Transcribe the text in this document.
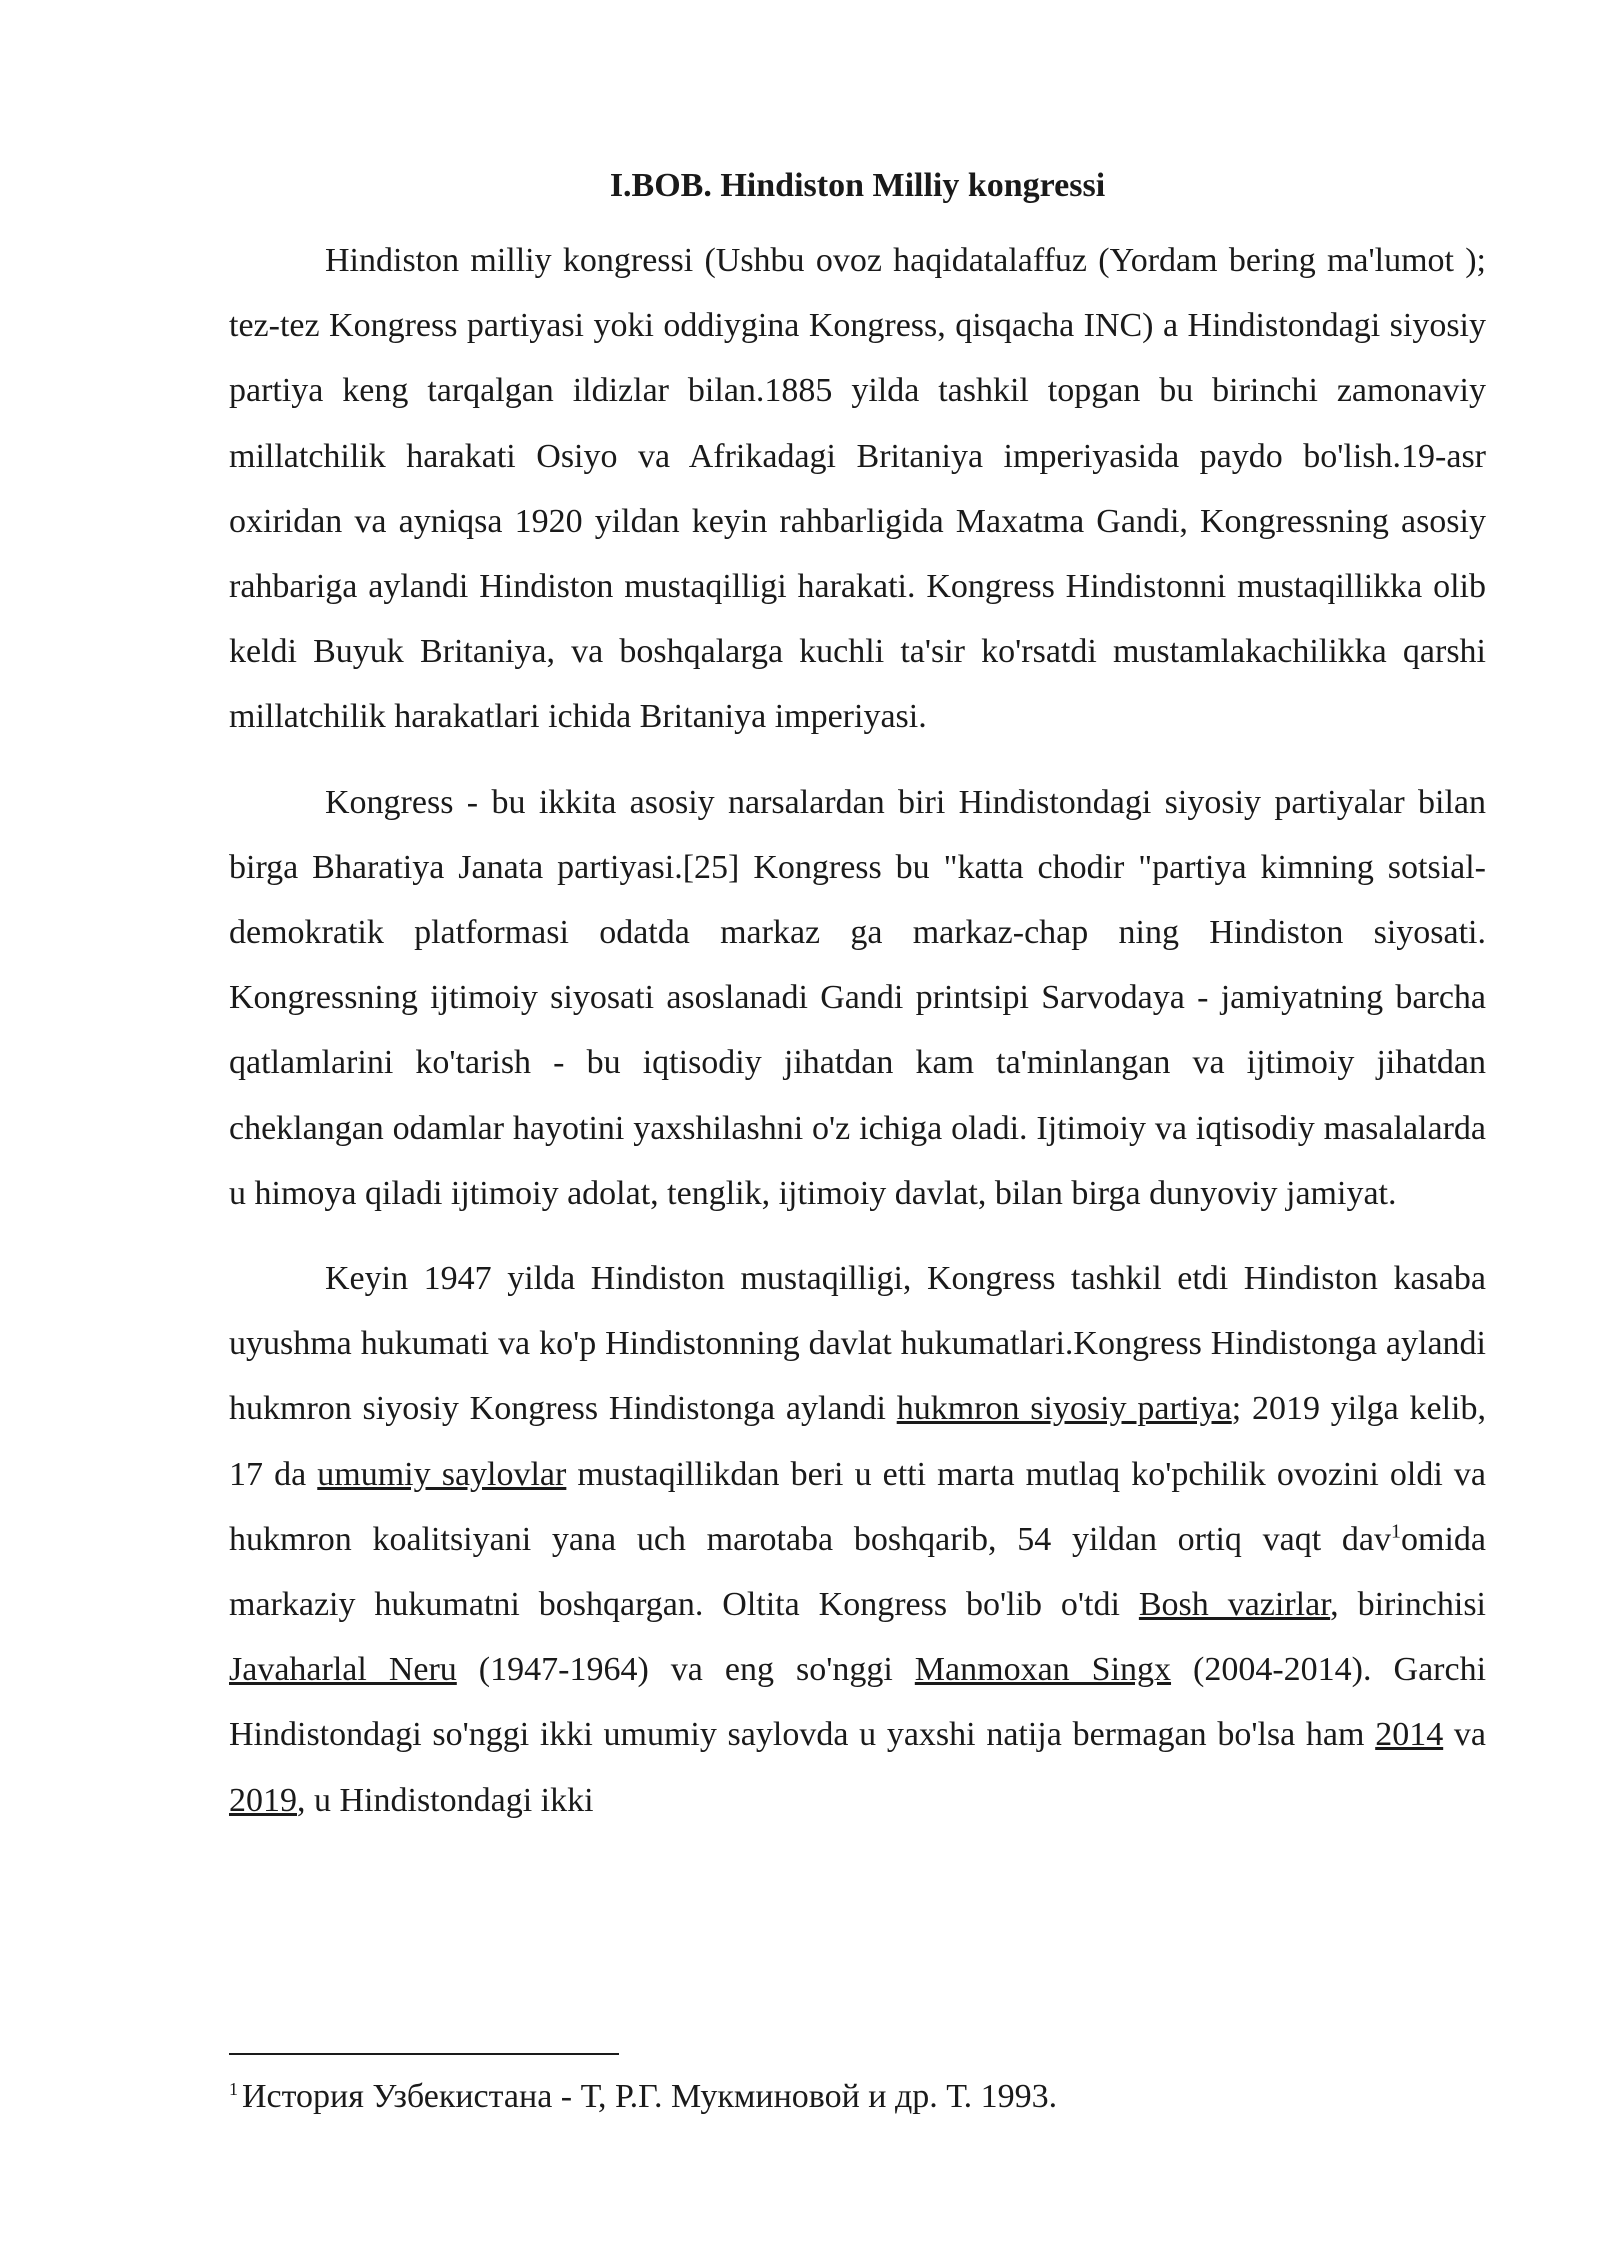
I.BOB. Hindiston Milliy kongressi

Hindiston milliy kongressi (Ushbu ovoz haqidatalaffuz (Yordam bering ma'lumot ); tez-tez Kongress partiyasi yoki oddiygina Kongress, qisqacha INC) a Hindistondagi siyosiy partiya keng tarqalgan ildizlar bilan.1885 yilda tashkil topgan bu birinchi zamonaviy millatchilik harakati Osiyo va Afrikadagi Britaniya imperiyasida paydo bo'lish.19-asr oxiridan va ayniqsa 1920 yildan keyin rahbarligida Maxatma Gandi, Kongressning asosiy rahbariga aylandi Hindiston mustaqilligi harakati. Kongress Hindistonni mustaqillikka olib keldi Buyuk Britaniya, va boshqalarga kuchli ta'sir ko'rsatdi mustamlakachilikka qarshi millatchilik harakatlari ichida Britaniya imperiyasi.

Kongress - bu ikkita asosiy narsalardan biri Hindistondagi siyosiy partiyalar bilan birga Bharatiya Janata partiyasi.[25] Kongress bu "katta chodir "partiya kimning sotsial-demokratik platformasi odatda markaz ga markaz-chap ning Hindiston siyosati. Kongressning ijtimoiy siyosati asoslanadi Gandi printsipi Sarvodaya - jamiyatning barcha qatlamlarini ko'tarish - bu iqtisodiy jihatdan kam ta'minlangan va ijtimoiy jihatdan cheklangan odamlar hayotini yaxshilashni o'z ichiga oladi. Ijtimoiy va iqtisodiy masalalarda u himoya qiladi ijtimoiy adolat, tenglik, ijtimoiy davlat, bilan birga dunyoviy jamiyat.

Keyin 1947 yilda Hindiston mustaqilligi, Kongress tashkil etdi Hindiston kasaba uyushma hukumati va ko'p Hindistonning davlat hukumatlari.Kongress Hindistonga aylandi hukmron siyosiy Kongress Hindistonga aylandi hukmron siyosiy partiya; 2019 yilga kelib, 17 da umumiy saylovlar mustaqillikdan beri u etti marta mutlaq ko'pchilik ovozini oldi va hukmron koalitsiyani yana uch marotaba boshqarib, 54 yildan ortiq vaqt dav$^1$omida markaziy hukumatni boshqargan. Oltita Kongress bo'lib o'tdi Bosh vazirlar, birinchisi Javaharlal Neru (1947-1964) va eng so'nggi Manmoxan Singx (2004-2014). Garchi Hindistondagi so'nggi ikki umumiy saylovda u yaxshi natija bermagan bo'lsa ham 2014 va 2019, u Hindistondagi ikki

$^1$ История Узбекистана - Т, Р.Г. Мукминовой и др. Т. 1993.
